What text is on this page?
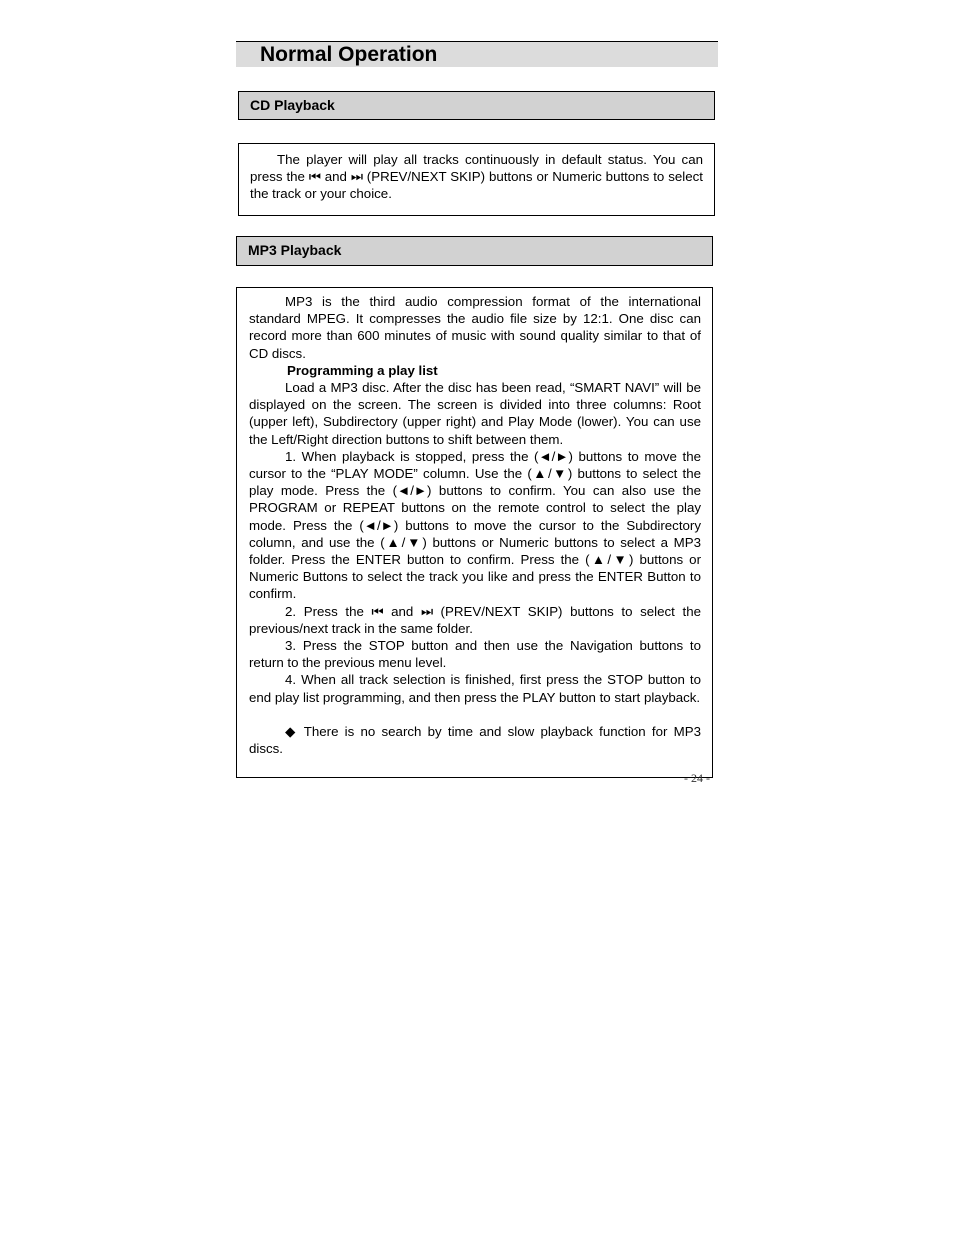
Normal Operation
CD Playback

The player will play all tracks continuously in default status. You can press the ⏮ and ⏭ (PREV/NEXT SKIP) buttons or Numeric buttons to select the track or your choice.

MP3 Playback

MP3 is the third audio compression format of the international standard MPEG. It compresses the audio file size by 12:1. One disc can record more than 600 minutes of music with sound quality similar to that of CD discs.

Programming a play list

Load a MP3 disc. After the disc has been read, “SMART NAVI” will be displayed on the screen. The screen is divided into three columns: Root (upper left), Subdirectory (upper right) and Play Mode (lower). You can use the Left/Right direction buttons to shift between them.

1. When playback is stopped, press the (◄/►) buttons to move the cursor to the “PLAY MODE” column. Use the (▲/▼) buttons to select the play mode. Press the (◄/►) buttons to confirm. You can also use the PROGRAM or REPEAT buttons on the remote control to select the play mode. Press the (◄/►) buttons to move the cursor to the Subdirectory column, and use the (▲/▼) buttons or Numeric buttons to select a MP3 folder. Press the ENTER button to confirm. Press the (▲/▼) buttons or Numeric Buttons to select the track you like and press the ENTER Button to confirm.

2. Press the ⏮ and ⏭ (PREV/NEXT SKIP) buttons to select the previous/next track in the same folder.

3. Press the STOP button and then use the Navigation buttons to return to the previous menu level.

4. When all track selection is finished, first press the STOP button to end play list programming, and then press the PLAY button to start playback.

◆ There is no search by time and slow playback function for MP3 discs.

- 24 -
